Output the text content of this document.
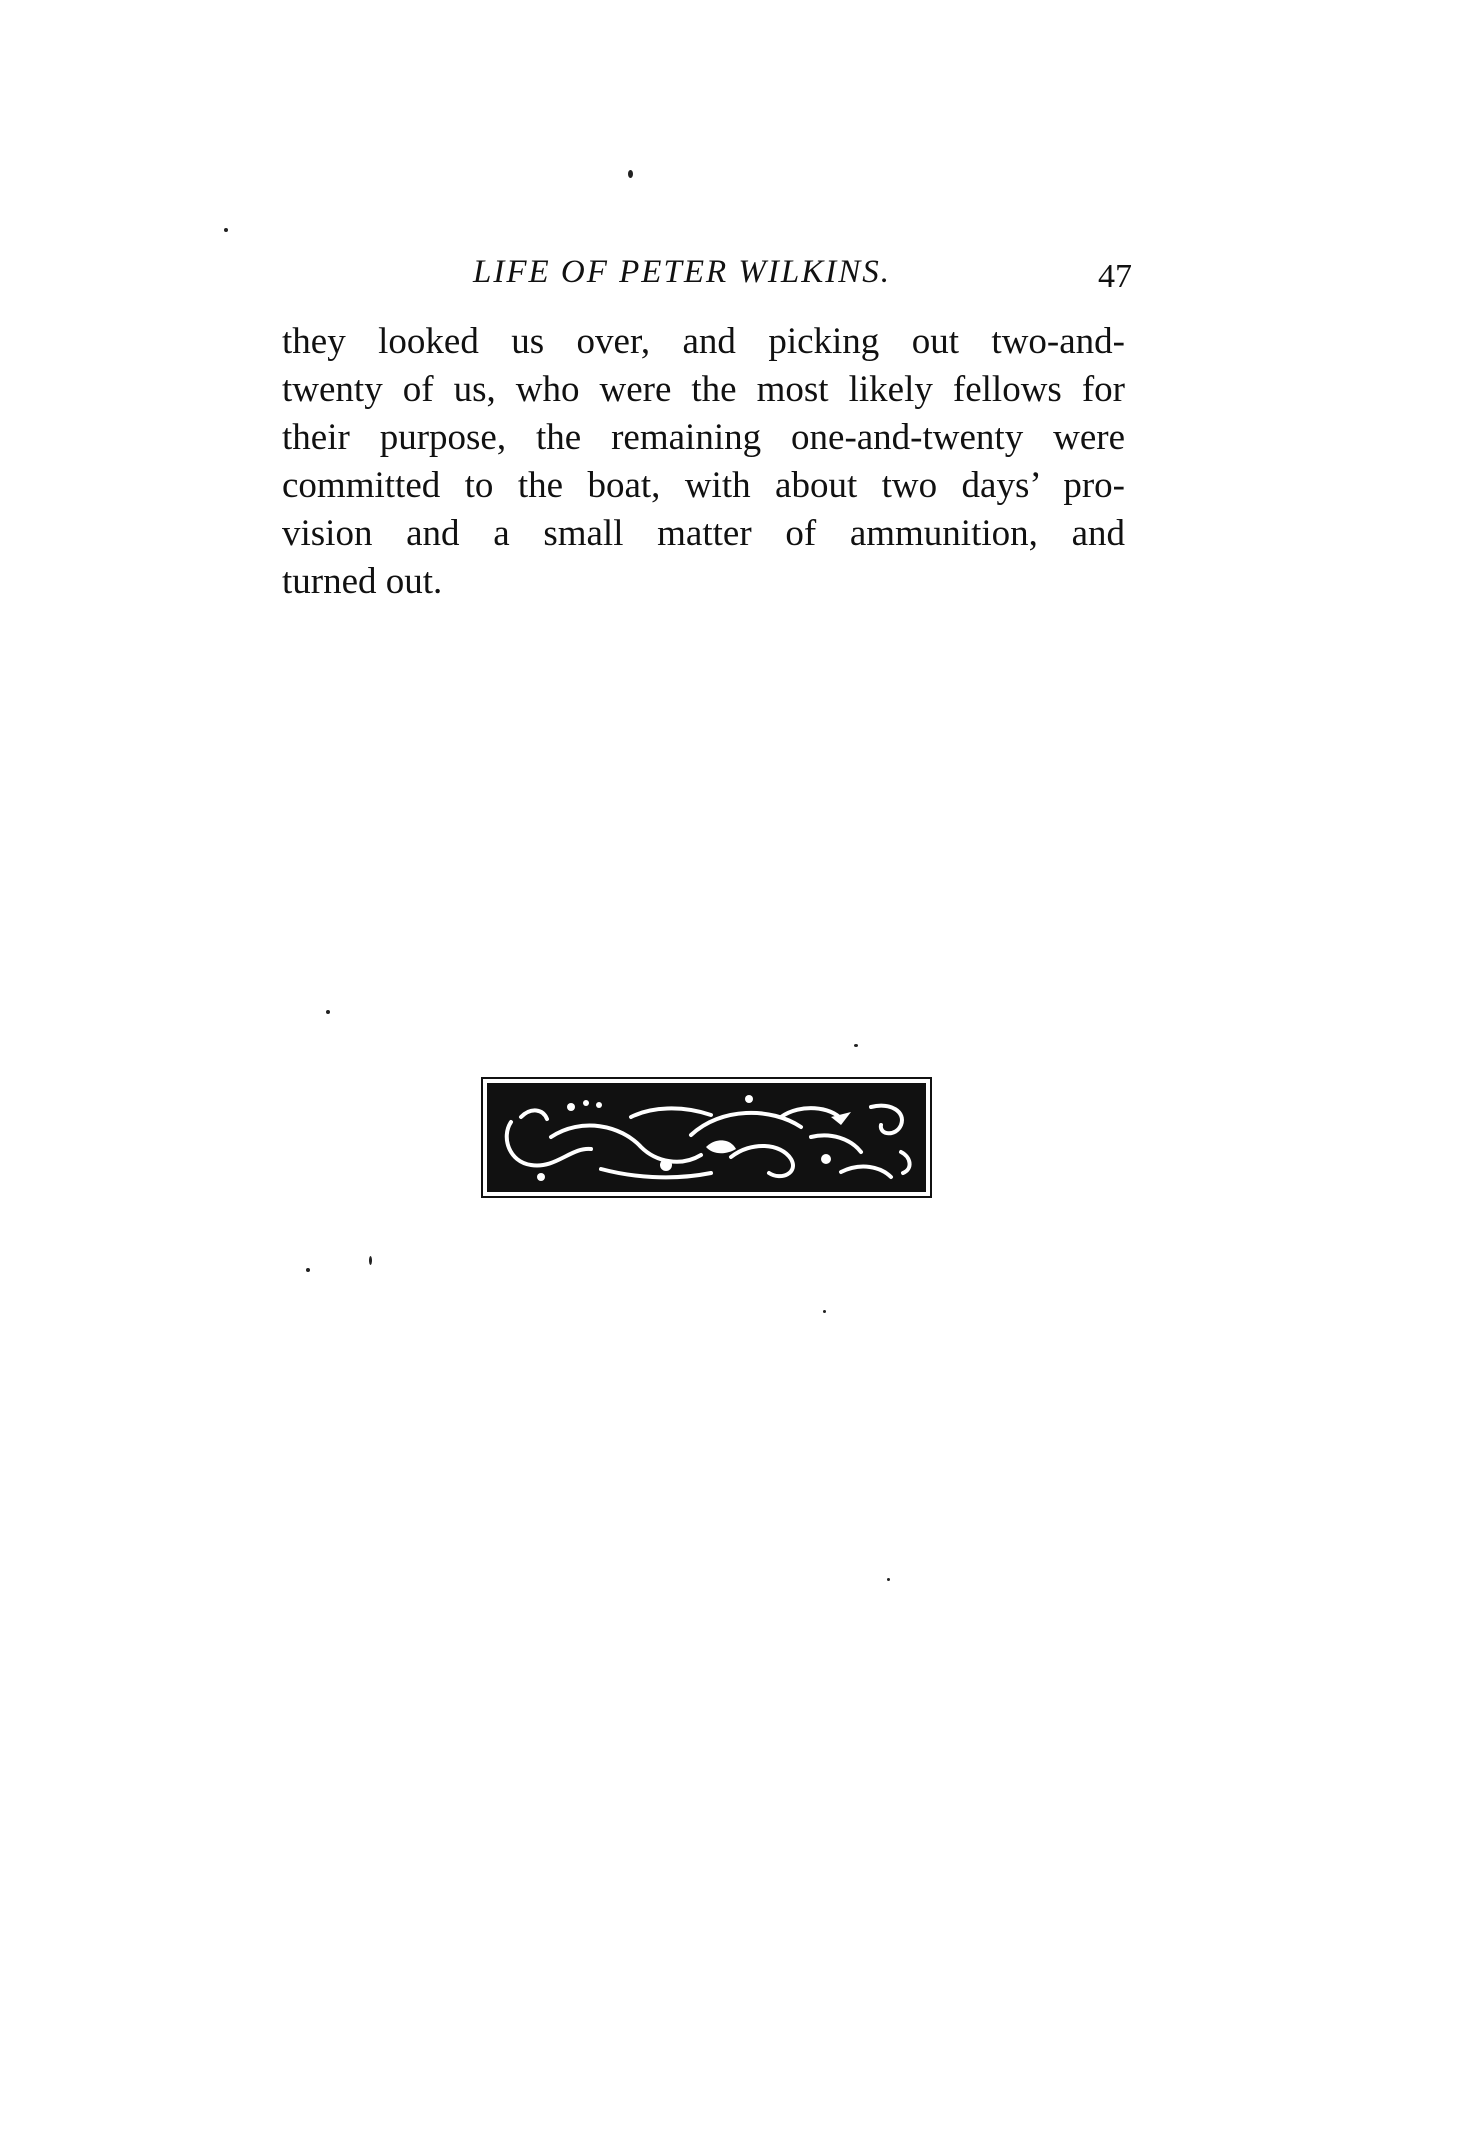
LIFE OF PETER WILKINS.	47
they looked us over, and picking out two-and-
twenty of us, who were the most likely fellows for
their purpose, the remaining one-and-twenty were
committed to the boat, with about two days’ pro-
vision and a small matter of ammunition, and
turned out.
